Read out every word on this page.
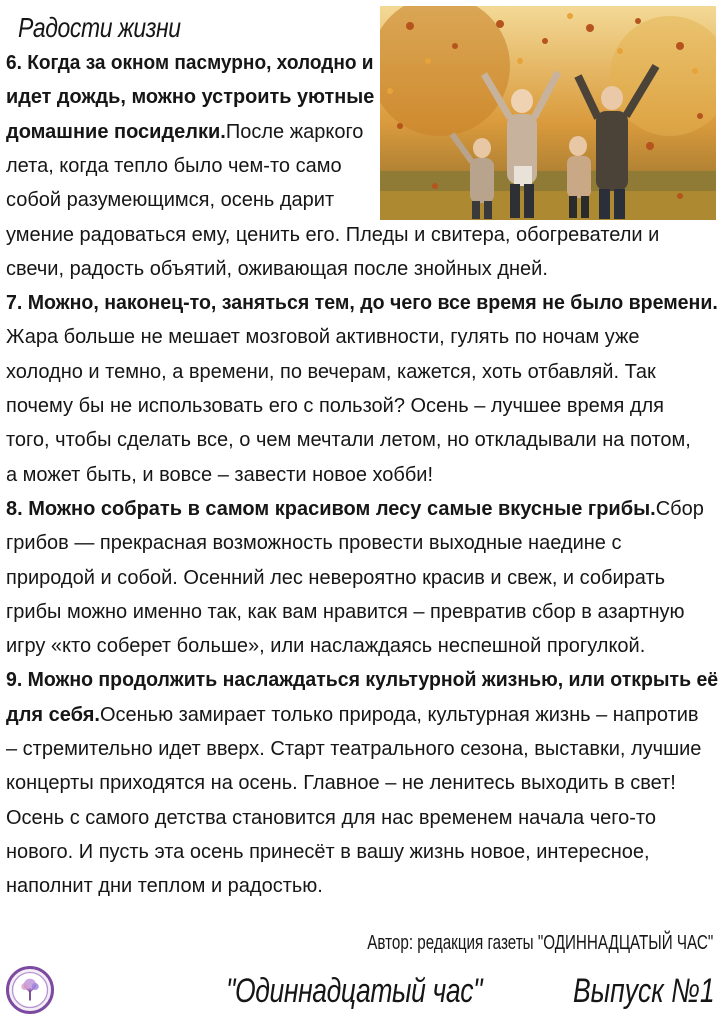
Радости жизни
6. Когда за окном пасмурно, холодно и
идет дождь, можно устроить уютные
домашние посиделки.После жаркого
лета, когда тепло было чем-то само
собой разумеющимся, осень дарит
умение радоваться ему, ценить его. Пледы и свитера, обогреватели и
свечи, радость объятий, оживающая после знойных дней.
7. Можно, наконец-то, заняться тем, до чего все время не было времени.
Жара больше не мешает мозговой активности, гулять по ночам уже
холодно и темно, а времени, по вечерам, кажется, хоть отбавляй. Так
почему бы не использовать его с пользой? Осень – лучшее время для
того, чтобы сделать все, о чем мечтали летом, но откладывали на потом,
а может быть, и вовсе – завести новое хобби!
8. Можно собрать в самом красивом лесу самые вкусные грибы.Сбор
грибов — прекрасная возможность провести выходные наедине с
природой и собой. Осенний лес невероятно красив и свеж, и собирать
грибы можно именно так, как вам нравится – превратив сбор в азартную
игру «кто соберет больше», или наслаждаясь неспешной прогулкой.
9. Можно продолжить наслаждаться культурной жизнью, или открыть её
для себя.Осенью замирает только природа, культурная жизнь – напротив
– стремительно идет вверх. Старт театрального сезона, выставки, лучшие
концерты приходятся на осень. Главное – не ленитесь выходить в свет!
Осень с самого детства становится для нас временем начала чего-то
нового. И пусть эта осень принесёт в вашу жизнь новое, интересное,
наполнит дни теплом и радостью.
Автор: редакция газеты "ОДИННАДЦАТЫЙ ЧАС"
"Одиннадцатый час"	Выпуск №1
